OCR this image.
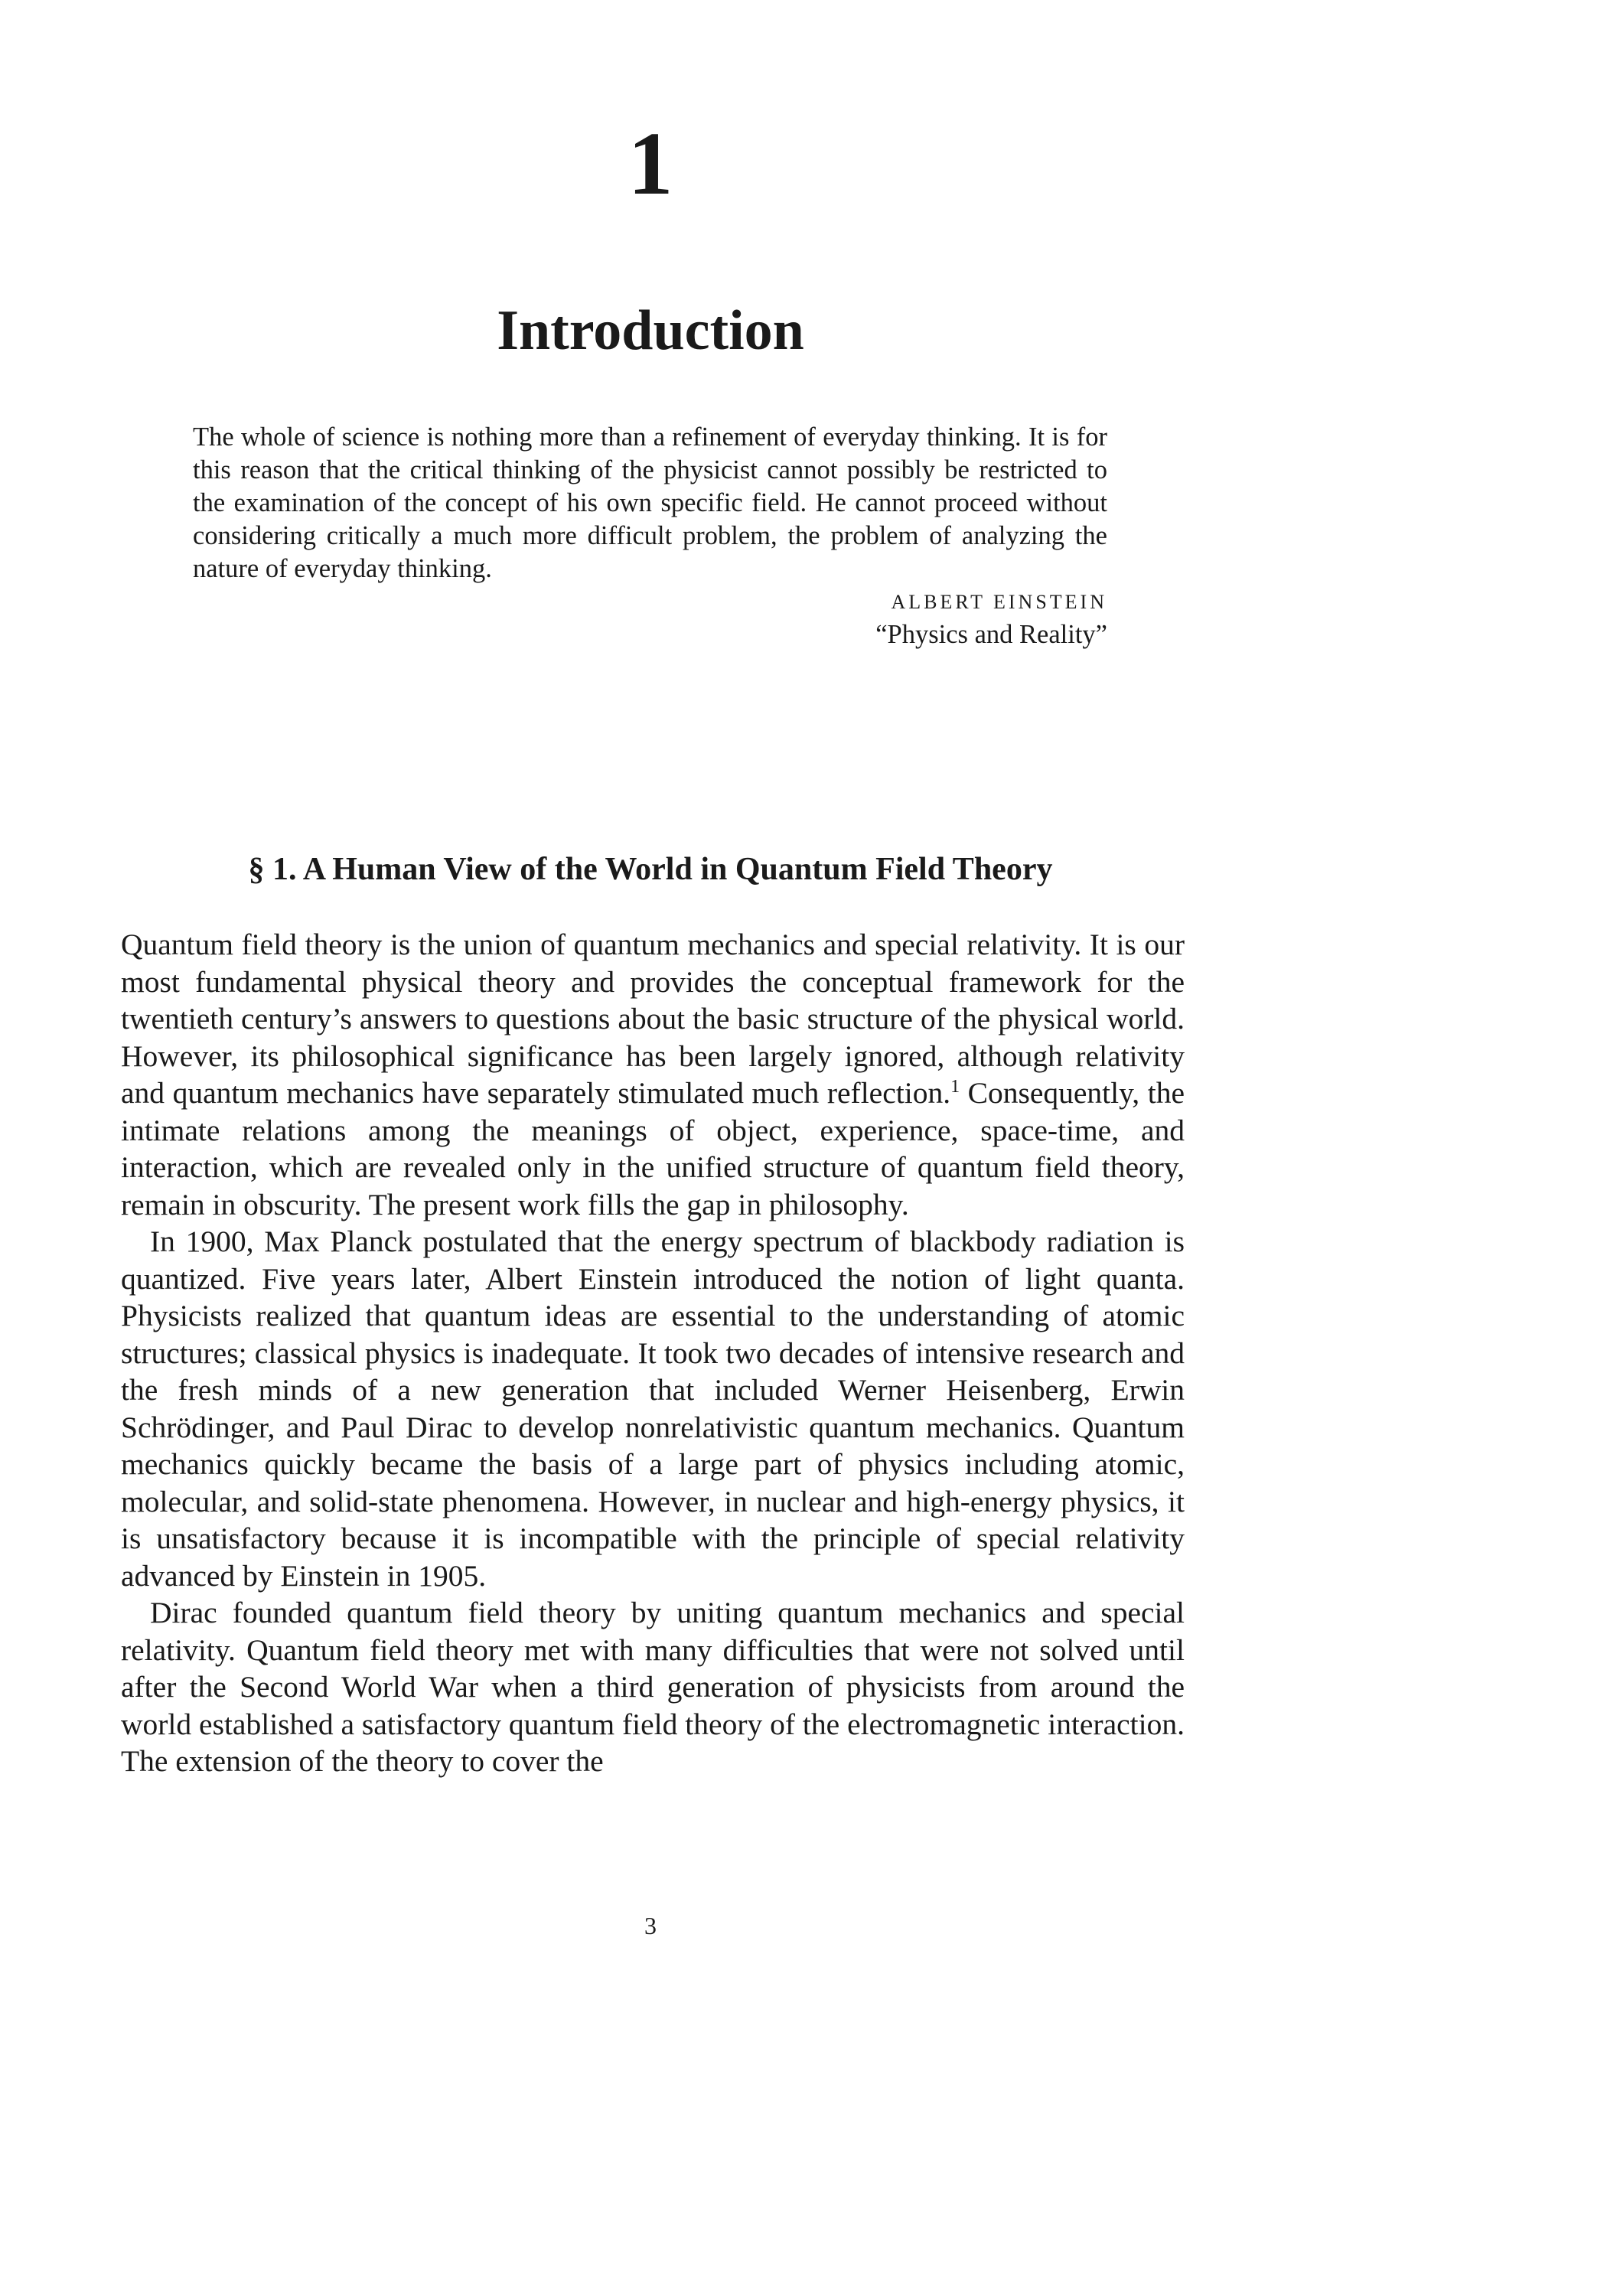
1
Introduction

The whole of science is nothing more than a refinement of everyday thinking. It is for this reason that the critical thinking of the physicist cannot possibly be restricted to the examination of the concept of his own specific field. He cannot proceed without considering critically a much more difficult problem, the problem of analyzing the nature of everyday thinking.

ALBERT EINSTEIN

“Physics and Reality”

§ 1. A Human View of the World in Quantum Field Theory

Quantum field theory is the union of quantum mechanics and special relativity. It is our most fundamental physical theory and provides the conceptual framework for the twentieth century’s answers to questions about the basic structure of the physical world. However, its philosophical significance has been largely ignored, although relativity and quantum mechanics have separately stimulated much reflection.$^1$ Consequently, the intimate relations among the meanings of object, experience, space-time, and interaction, which are revealed only in the unified structure of quantum field theory, remain in obscurity. The present work fills the gap in philosophy.

In 1900, Max Planck postulated that the energy spectrum of blackbody radiation is quantized. Five years later, Albert Einstein introduced the notion of light quanta. Physicists realized that quantum ideas are essential to the understanding of atomic structures; classical physics is inadequate. It took two decades of intensive research and the fresh minds of a new generation that included Werner Heisenberg, Erwin Schrödinger, and Paul Dirac to develop nonrelativistic quantum mechanics. Quantum mechanics quickly became the basis of a large part of physics including atomic, molecular, and solid-state phenomena. However, in nuclear and high-energy physics, it is unsatisfactory because it is incompatible with the principle of special relativity advanced by Einstein in 1905.

Dirac founded quantum field theory by uniting quantum mechanics and special relativity. Quantum field theory met with many difficulties that were not solved until after the Second World War when a third generation of physicists from around the world established a satisfactory quantum field theory of the electromagnetic interaction. The extension of the theory to cover the

3
